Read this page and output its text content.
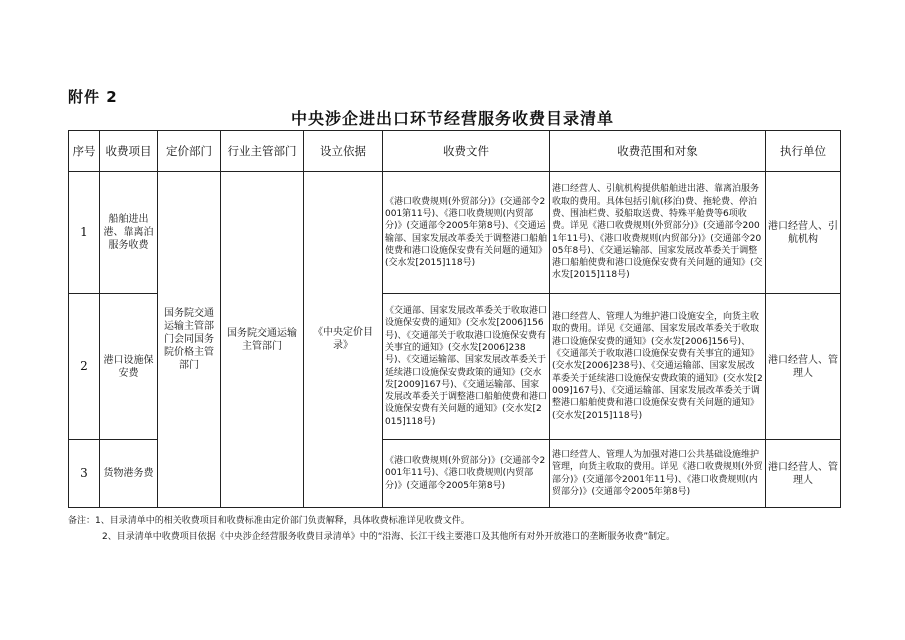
附件 2
中央涉企进出口环节经营服务收费目录清单
序号	收费项目	定价部门	行业主管部门	设立依据	收费文件	收费范围和对象	执行单位
1	船舶进出港、靠离泊服务收费	国务院交通运输主管部门会同国务院价格主管部门	国务院交通运输主管部门	《中央定价目录》	《港口收费规则(外贸部分)》(交通部令2001第11号)、《港口收费规则(内贸部分)》(交通部令2005年第8号)、《交通运输部、国家发展改革委关于调整港口船舶使费和港口设施保安费有关问题的通知》(交水发[2015]118号)	港口经营人、引航机构提供船舶进出港、靠离泊服务收取的费用。具体包括引航(移泊)费、拖轮费、停泊费、围油栏费、驳船取送费、特殊平舱费等6项收费。详见《港口收费规则(外贸部分)》(交通部令2001年11号)、《港口收费规则(内贸部分)》(交通部令2005年8号)、《交通运输部、国家发展改革委关于调整港口船舶使费和港口设施保安费有关问题的通知》(交水发[2015]118号)	港口经营人、引航机构
2	港口设施保安费				《交通部、国家发展改革委关于收取港口设施保安费的通知》(交水发[2006]156号)、《交通部关于收取港口设施保安费有关事宜的通知》(交水发[2006]238号)、《交通运输部、国家发展改革委关于延续港口设施保安费政策的通知》(交水发[2009]167号)、《交通运输部、国家发展改革委关于调整港口船舶使费和港口设施保安费有关问题的通知》(交水发[2015]118号)	港口经营人、管理人为维护港口设施安全，向货主收取的费用。详见《交通部、国家发展改革委关于收取港口设施保安费的通知》(交水发[2006]156号)、《交通部关于收取港口设施保安费有关事宜的通知》(交水发[2006]238号)、《交通运输部、国家发展改革委关于延续港口设施保安费政策的通知》(交水发[2009]167号)、《交通运输部、国家发展改革委关于调整港口船舶使费和港口设施保安费有关问题的通知》(交水发[2015]118号)	港口经营人、管理人
3	货物港务费				《港口收费规则(外贸部分)》(交通部令2001年11号)、《港口收费规则(内贸部分)》(交通部令2005年第8号)	港口经营人、管理人为加强对港口公共基础设施维护管理，向货主收取的费用。详见《港口收费规则(外贸部分)》(交通部令2001年11号)、《港口收费规则(内贸部分)》(交通部令2005年第8号)	港口经营人、管理人
备注：1、目录清单中的相关收费项目和收费标准由定价部门负责解释，具体收费标准详见收费文件。
2、目录清单中收费项目依据《中央涉企经营服务收费目录清单》中的“沿海、长江干线主要港口及其他所有对外开放港口的垄断服务收费”制定。
